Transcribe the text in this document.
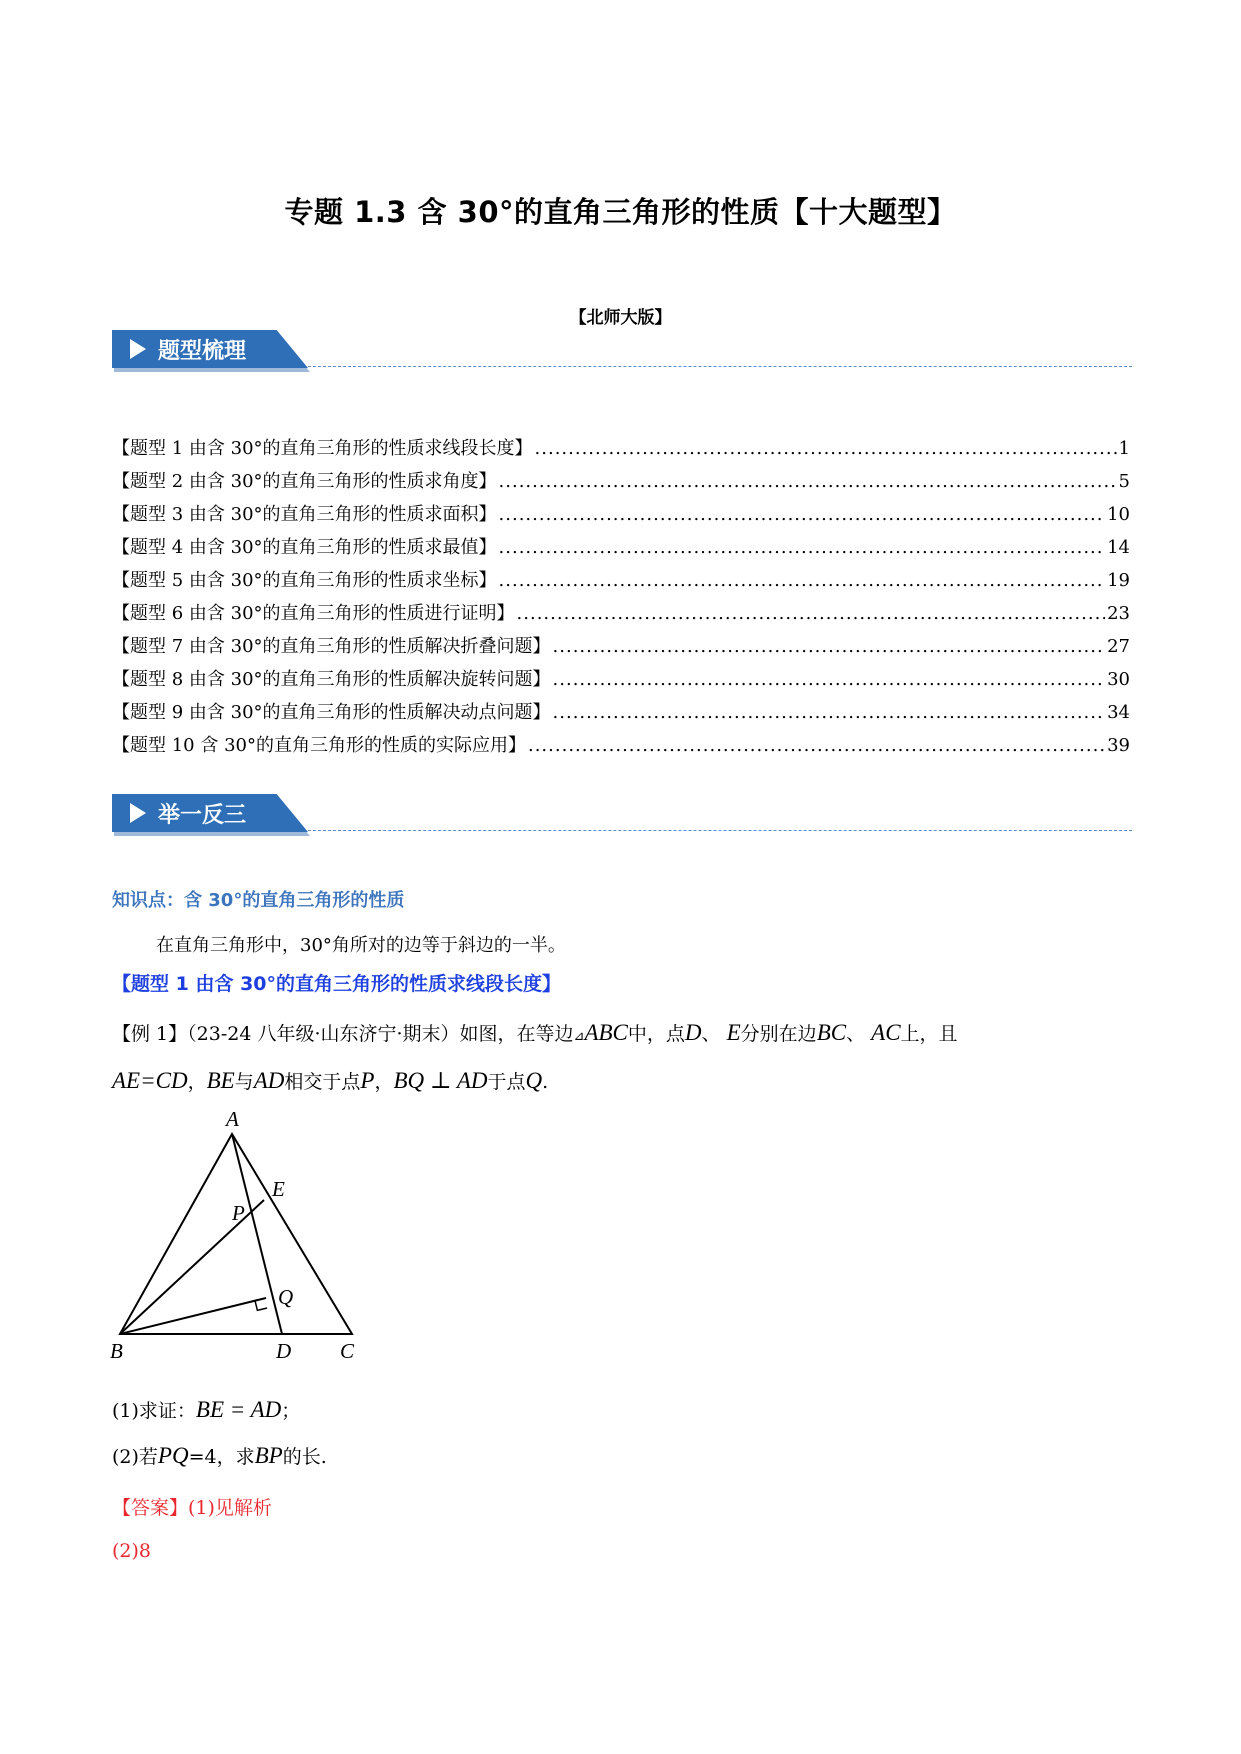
专题 1.3 含 30°的直角三角形的性质【十大题型】
【北师大版】
题型梳理
【题型 1 由含 30°的直角三角形的性质求线段长度】 .....	1
【题型 2 由含 30°的直角三角形的性质求角度】 .....	5
【题型 3 由含 30°的直角三角形的性质求面积】 .....	10
【题型 4 由含 30°的直角三角形的性质求最值】 .....	14
【题型 5 由含 30°的直角三角形的性质求坐标】 .....	19
【题型 6 由含 30°的直角三角形的性质进行证明】 .....	23
【题型 7 由含 30°的直角三角形的性质解决折叠问题】 .....	27
【题型 8 由含 30°的直角三角形的性质解决旋转问题】 .....	30
【题型 9 由含 30°的直角三角形的性质解决动点问题】 .....	34
【题型 10 含 30°的直角三角形的性质的实际应用】 .....	39
举一反三
知识点：含 30°的直角三角形的性质
在直角三角形中，30°角所对的边等于斜边的一半。
【题型 1 由含 30°的直角三角形的性质求线段长度】
【例 1】（23-24 八年级·山东济宁·期末）如图，在等边⊿ABC中，点D、 E分别在边BC、 AC上，且
AE=CD，BE与AD相交于点P，BQ ⊥ AD于点Q.
A
B	C
D
E
P
Q
(1)求证：BE = AD；
(2)若PQ=4，求BP的长.
【答案】(1)见解析
(2)8
